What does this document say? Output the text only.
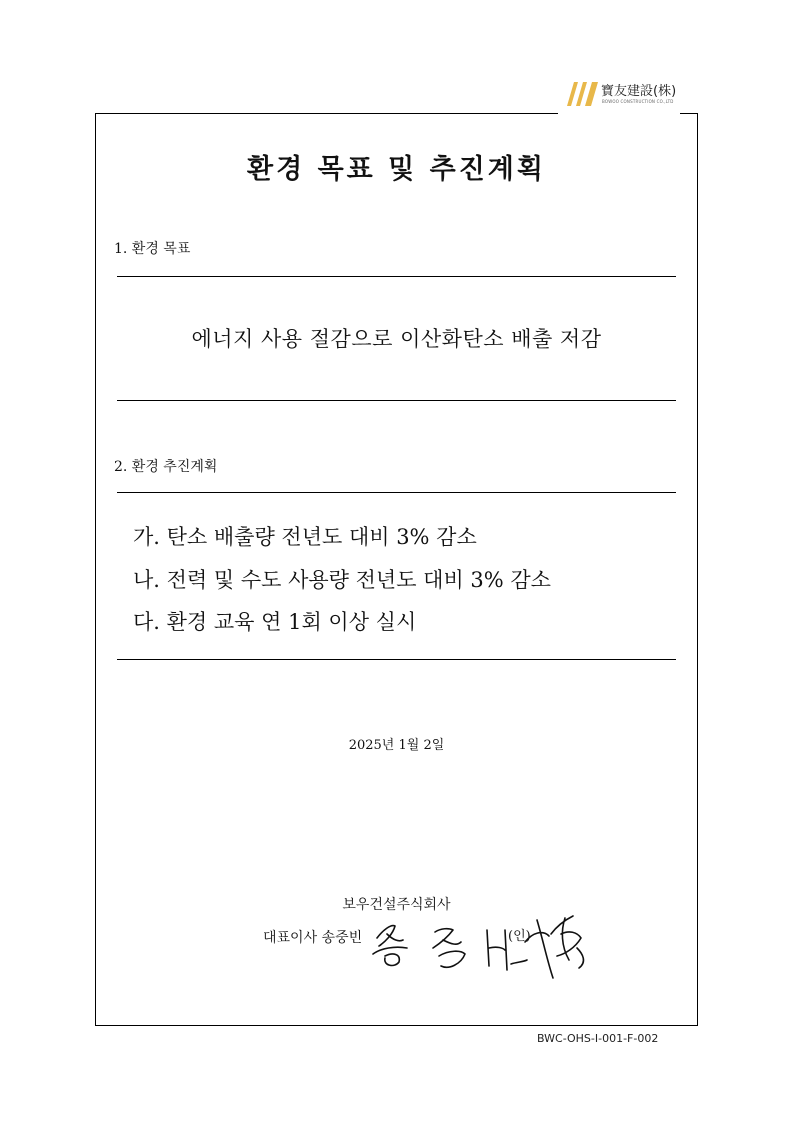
寶友建設(株)
BOWOO CONSTRUCTION CO.,LTD
환경 목표 및 추진계획
1. 환경 목표
에너지 사용 절감으로 이산화탄소 배출 저감
2. 환경 추진계획
가. 탄소 배출량 전년도 대비 3% 감소
나. 전력 및 수도 사용량 전년도 대비 3% 감소
다. 환경 교육 연 1회 이상 실시
2025년 1월 2일
보우건설주식회사
대표이사 송중빈	(인)
BWC-OHS-I-001-F-002
